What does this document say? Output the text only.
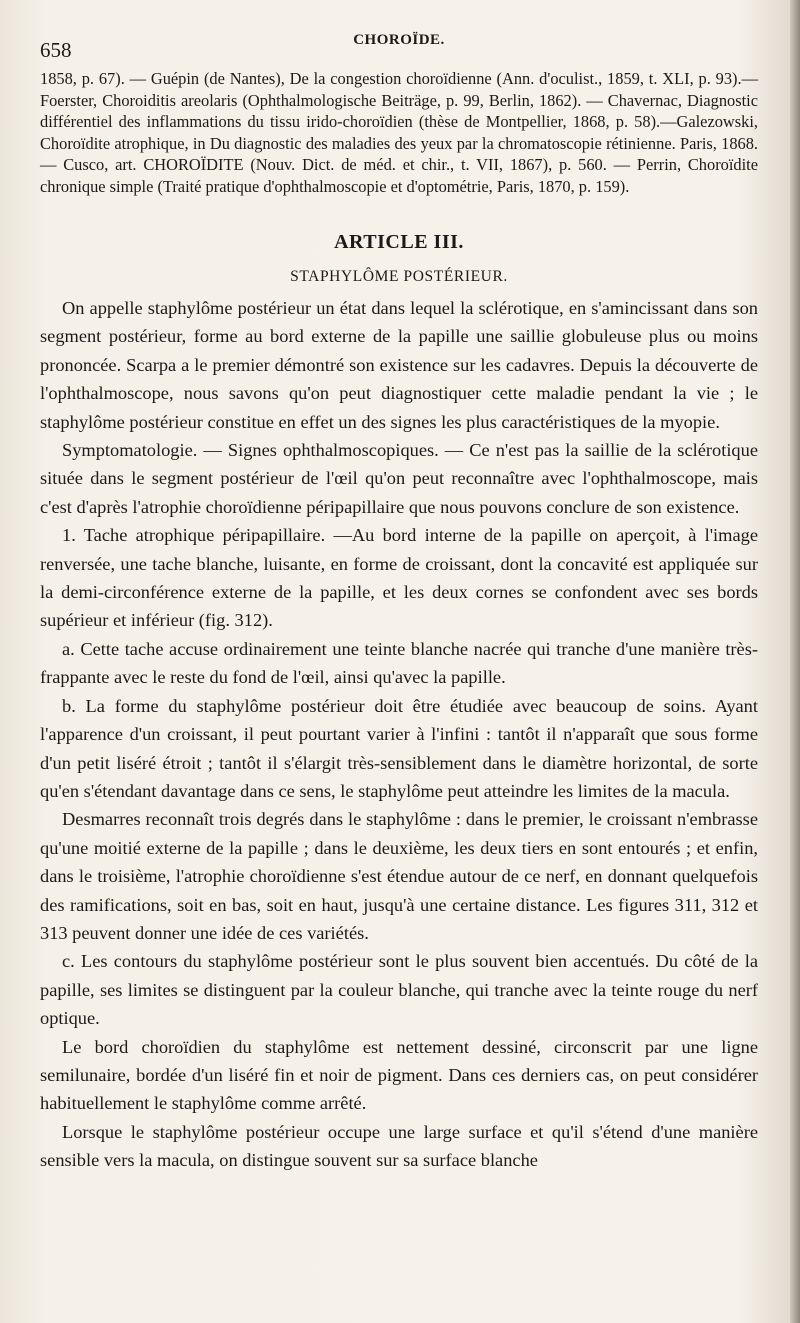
658	CHOROÏDE.

1858, p. 67). — Guépin (de Nantes), De la congestion choroïdienne (Ann. d'oculist., 1859, t. XLI, p. 93).— Foerster, Choroiditis areolaris (Ophthalmologische Beiträge, p. 99, Berlin, 1862). — Chavernac, Diagnostic différentiel des inflammations du tissu irido-choroïdien (thèse de Montpellier, 1868, p. 58).—Galezowski, Choroïdite atrophique, in Du diagnostic des maladies des yeux par la chromatoscopie rétinienne. Paris, 1868. — Cusco, art. CHOROÏDITE (Nouv. Dict. de méd. et chir., t. VII, 1867), p. 560. — Perrin, Choroïdite chronique simple (Traité pratique d'ophthalmoscopie et d'optométrie, Paris, 1870, p. 159).

ARTICLE III.
STAPHYLÔME POSTÉRIEUR.

On appelle staphylôme postérieur un état dans lequel la sclérotique, en s'amincissant dans son segment postérieur, forme au bord externe de la papille une saillie globuleuse plus ou moins prononcée. Scarpa a le premier démontré son existence sur les cadavres. Depuis la découverte de l'ophthalmoscope, nous savons qu'on peut diagnostiquer cette maladie pendant la vie ; le staphylôme postérieur constitue en effet un des signes les plus caractéristiques de la myopie.

Symptomatologie. — Signes ophthalmoscopiques. — Ce n'est pas la saillie de la sclérotique située dans le segment postérieur de l'œil qu'on peut reconnaître avec l'ophthalmoscope, mais c'est d'après l'atrophie choroïdienne péripapillaire que nous pouvons conclure de son existence.

1. Tache atrophique péripapillaire. —Au bord interne de la papille on aperçoit, à l'image renversée, une tache blanche, luisante, en forme de croissant, dont la concavité est appliquée sur la demi-circonférence externe de la papille, et les deux cornes se confondent avec ses bords supérieur et inférieur (fig. 312).

a. Cette tache accuse ordinairement une teinte blanche nacrée qui tranche d'une manière très-frappante avec le reste du fond de l'œil, ainsi qu'avec la papille.

b. La forme du staphylôme postérieur doit être étudiée avec beaucoup de soins. Ayant l'apparence d'un croissant, il peut pourtant varier à l'infini : tantôt il n'apparaît que sous forme d'un petit liséré étroit ; tantôt il s'élargit très-sensiblement dans le diamètre horizontal, de sorte qu'en s'étendant davantage dans ce sens, le staphylôme peut atteindre les limites de la macula.

Desmarres reconnaît trois degrés dans le staphylôme : dans le premier, le croissant n'embrasse qu'une moitié externe de la papille ; dans le deuxième, les deux tiers en sont entourés ; et enfin, dans le troisième, l'atrophie choroïdienne s'est étendue autour de ce nerf, en donnant quelquefois des ramifications, soit en bas, soit en haut, jusqu'à une certaine distance. Les figures 311, 312 et 313 peuvent donner une idée de ces variétés.

c. Les contours du staphylôme postérieur sont le plus souvent bien accentués. Du côté de la papille, ses limites se distinguent par la couleur blanche, qui tranche avec la teinte rouge du nerf optique.

Le bord choroïdien du staphylôme est nettement dessiné, circonscrit par une ligne semilunaire, bordée d'un liséré fin et noir de pigment. Dans ces derniers cas, on peut considérer habituellement le staphylôme comme arrêté.

Lorsque le staphylôme postérieur occupe une large surface et qu'il s'étend d'une manière sensible vers la macula, on distingue souvent sur sa surface blanche
